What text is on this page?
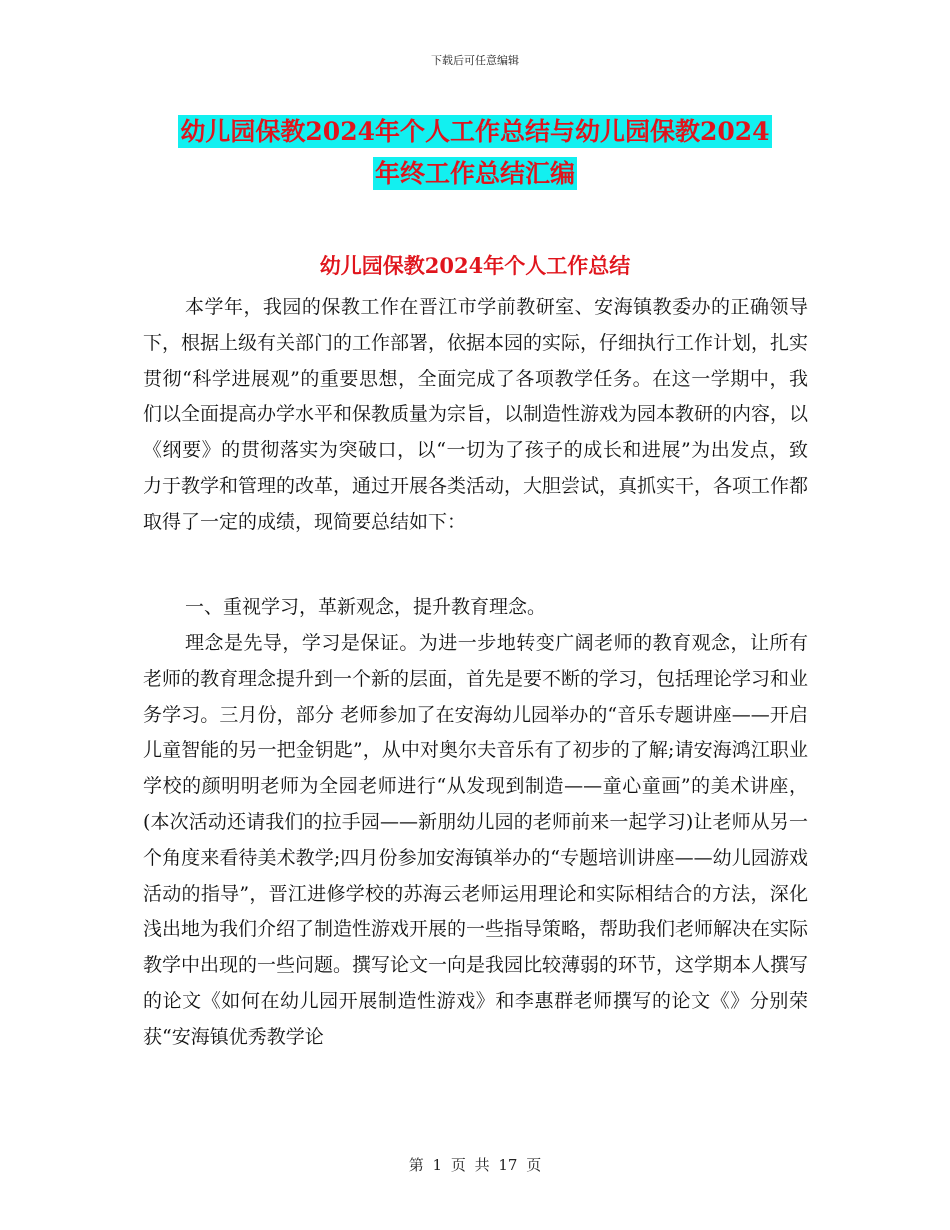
下载后可任意编辑
幼儿园保教2024年个人工作总结与幼儿园保教2024
年终工作总结汇编
幼儿园保教2024年个人工作总结

本学年，我园的保教工作在晋江市学前教研室、安海镇教委办的正确领导下，根据上级有关部门的工作部署，依据本园的实际，仔细执行工作计划，扎实贯彻“科学进展观”的重要思想，全面完成了各项教学任务。在这一学期中，我们以全面提高办学水平和保教质量为宗旨，以制造性游戏为园本教研的内容，以《纲要》的贯彻落实为突破口，以“一切为了孩子的成长和进展”为出发点，致力于教学和管理的改革，通过开展各类活动，大胆尝试，真抓实干，各项工作都取得了一定的成绩，现简要总结如下：

一、重视学习，革新观念，提升教育理念。

理念是先导，学习是保证。为进一步地转变广阔老师的教育观念，让所有老师的教育理念提升到一个新的层面，首先是要不断的学习，包括理论学习和业务学习。三月份，部分 老师参加了在安海幼儿园举办的“音乐专题讲座——开启儿童智能的另一把金钥匙”，从中对奥尔夫音乐有了初步的了解;请安海鸿江职业学校的颜明明老师为全园老师进行“从发现到制造——童心童画”的美术讲座，(本次活动还请我们的拉手园——新朋幼儿园的老师前来一起学习)让老师从另一个角度来看待美术教学;四月份参加安海镇举办的“专题培训讲座——幼儿园游戏活动的指导”，晋江进修学校的苏海云老师运用理论和实际相结合的方法，深化浅出地为我们介绍了制造性游戏开展的一些指导策略，帮助我们老师解决在实际教学中出现的一些问题。撰写论文一向是我园比较薄弱的环节，这学期本人撰写的论文《如何在幼儿园开展制造性游戏》和李惠群老师撰写的论文《》分别荣获“安海镇优秀教学论

第 1 页 共 17 页
